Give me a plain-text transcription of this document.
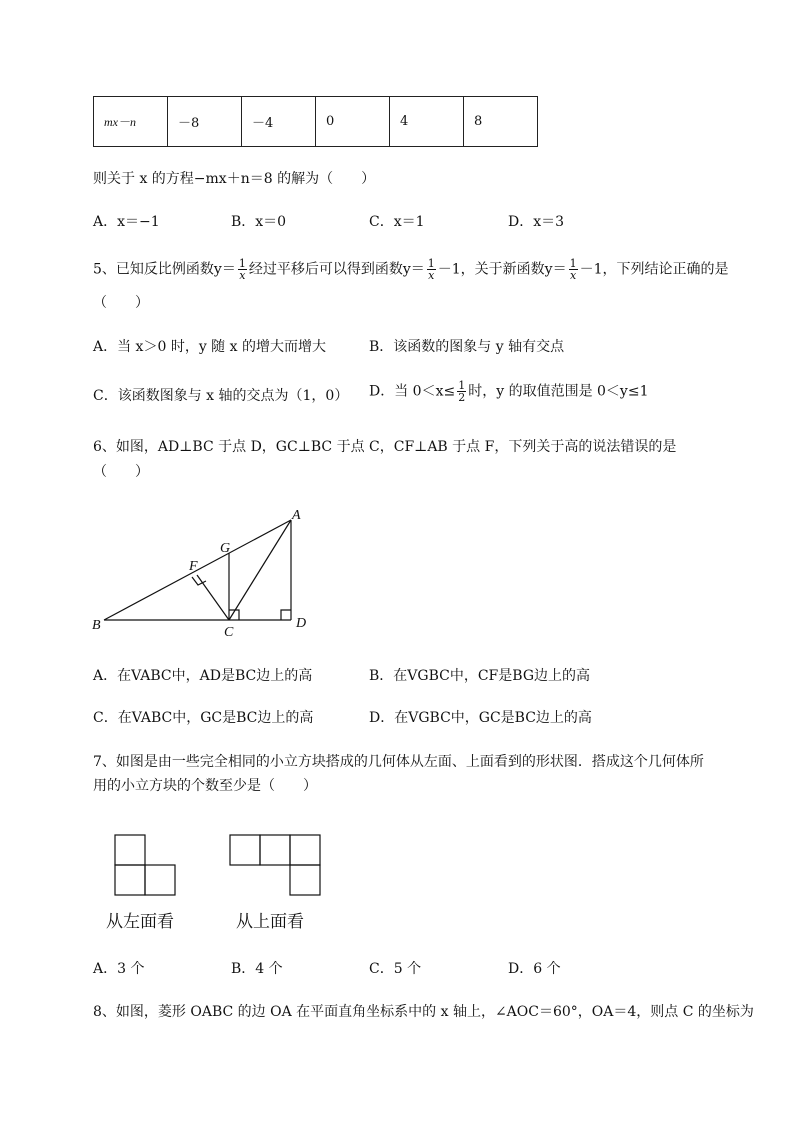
mx－n	－8	－4	0	4	8
则关于 x 的方程−mx＋n＝8 的解为（　　）
A．x＝−1	B．x＝0	C．x＝1	D．x＝3
5、已知反比例函数$y= \frac{1}{x}$ 经过平移后可以得到函数$y= \frac{1}{x} -1$，关于新函数$y= \frac{1}{x} -1$，下列结论正确的是
（　　）
A．当 x＞0 时，y 随 x 的增大而增大	B．该函数的图象与 y 轴有交点
C．该函数图象与 x 轴的交点为（1，0） D．当 $0<x\le \frac{1}{2}$ 时，y 的取值范围是 0＜y≤1
6、如图，AD⊥BC 于点 D，GC⊥BC 于点 C，CF⊥AB 于点 F，下列关于高的说法错误的是
（　　）
A
B	C
D
F
G
A．在VABC中，AD是BC边上的高	B．在VGBC中，CF是BG边上的高
C．在VABC中，GC是BC边上的高	D．在VGBC中，GC是BC边上的高
7、如图是由一些完全相同的小立方块搭成的几何体从左面、上面看到的形状图．搭成这个几何体所
用的小立方块的个数至少是（　　）
从左面看	从上面看
A．3 个	B．4 个	C．5 个	D．6 个
8、如图，菱形 OABC 的边 OA 在平面直角坐标系中的 x 轴上，∠AOC＝60°，OA＝4，则点 C 的坐标为
